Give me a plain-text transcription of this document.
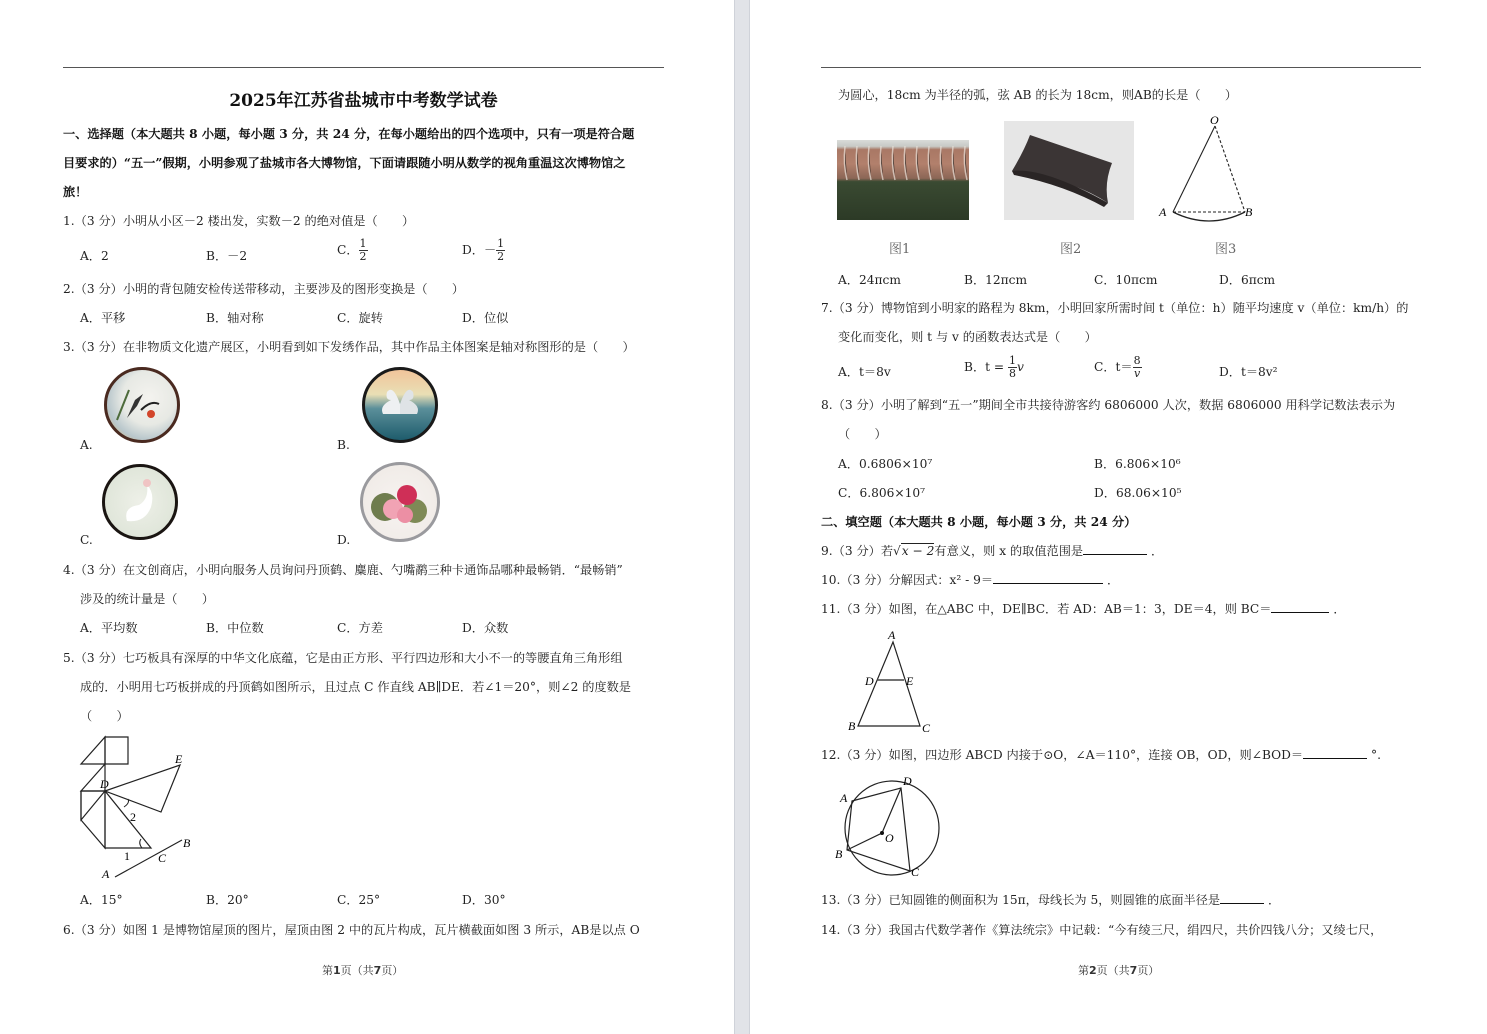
2025年江苏省盐城市中考数学试卷
一、选择题（本大题共 8 小题，每小题 3 分，共 24 分，在每小题给出的四个选项中，只有一项是符合题
目要求的）“五一”假期，小明参观了盐城市各大博物馆，下面请跟随小明从数学的视角重温这次博物馆之
旅！
1.（3 分）小明从小区－2 楼出发，实数－2 的绝对值是（　　）
A．2	B．－2	C． $\frac{1}{2}$	D．－ $\frac{1}{2}$
2.（3 分）小明的背包随安检传送带移动，主要涉及的图形变换是（　　）
A．平移	B．轴对称	C．旋转	D．位似
3.（3 分）在非物质文化遗产展区，小明看到如下发绣作品，其中作品主体图案是轴对称图形的是（　　）
A.	B.
C.	D.
4.（3 分）在文创商店，小明向服务人员询问丹顶鹤、麋鹿、勺嘴鹬三种卡通饰品哪种最畅销．“最畅销”
涉及的统计量是（　　）
A．平均数	B．中位数	C．方差	D．众数
5.（3 分）七巧板具有深厚的中华文化底蕴，它是由正方形、平行四边形和大小不一的等腰直角三角形组
成的．小明用七巧板拼成的丹顶鹤如图所示，且过点 C 作直线 AB∥DE．若∠1＝20°，则∠2 的度数是
（　　）
D
E
2
B
C
1
A
A．15°	B．20°	C．25°	D．30°
6.（3 分）如图 1 是博物馆屋顶的图片，屋顶由图 2 中的瓦片构成，瓦片横截面如图 3 所示，AB是以点 O
第1页（共7页）
为圆心，18cm 为半径的弧，弦 AB 的长为 18cm，则AB的长是（　　）
图1	图2
O
A	B
图3
A．24πcm	B．12πcm	C．10πcm	D．6πcm
7.（3 分）博物馆到小明家的路程为 8km，小明回家所需时间 t（单位：h）随平均速度 v（单位：km/h）的
变化而变化，则 t 与 v 的函数表达式是（　　）
A．t＝8v	B．$t = \frac{1}{8}$ v	C．$t= \frac{8}{v}$	D．t＝8v²
8.（3 分）小明了解到“五一”期间全市共接待游客约 6806000 人次，数据 6806000 用科学记数法表示为
（　　）
A．0.6806×10⁷	B．6.806×10⁶
C．6.806×10⁷	D．68.06×10⁵
二、填空题（本大题共 8 小题，每小题 3 分，共 24 分）
9.（3 分）若√x − 2有意义，则 x 的取值范围是	．
10.（3 分）分解因式：x² - 9＝	．
11.（3 分）如图，在△ABC 中，DE∥BC．若 AD：AB＝1：3，DE＝4，则 BC＝	．
A
D	E
B	C
12.（3 分）如图，四边形 ABCD 内接于⊙O，∠A＝110°，连接 OB，OD，则∠BOD＝	°.
D
A
O
B
C
13.（3 分）已知圆锥的侧面积为 15π，母线长为 5，则圆锥的底面半径是	．
14.（3 分）我国古代数学著作《算法统宗》中记载：“今有绫三尺，绢四尺，共价四钱八分；又绫七尺，
第2页（共7页）
